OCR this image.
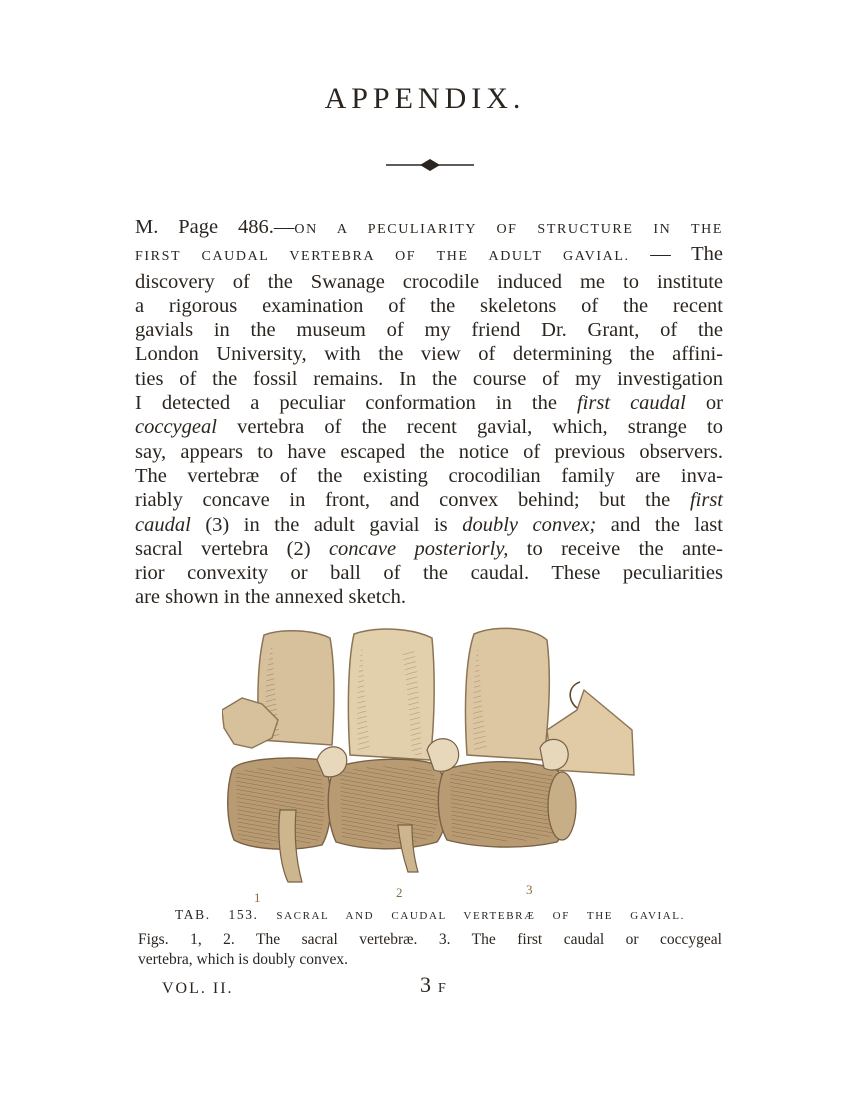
APPENDIX.
M. Page 486.—ON A PECULIARITY OF STRUCTURE IN THE
FIRST CAUDAL VERTEBRA OF THE ADULT GAVIAL. — The
discovery of the Swanage crocodile induced me to institute
a rigorous examination of the skeletons of the recent
gavials in the museum of my friend Dr. Grant, of the
London University, with the view of determining the affini-
ties of the fossil remains. In the course of my investigation
I detected a peculiar conformation in the first caudal or
coccygeal vertebra of the recent gavial, which, strange to
say, appears to have escaped the notice of previous observers.
The vertebræ of the existing crocodilian family are inva-
riably concave in front, and convex behind; but the first
caudal (3) in the adult gavial is doubly convex; and the last
sacral vertebra (2) concave posteriorly, to receive the ante-
rior convexity or ball of the caudal. These peculiarities
are shown in the annexed sketch.
1	2	3
TAB. 153. SACRAL AND CAUDAL VERTEBRÆ OF THE GAVIAL.
Figs. 1, 2. The sacral vertebræ. 3. The first caudal or coccygeal
vertebra, which is doubly convex.
VOL. II.	3 F
